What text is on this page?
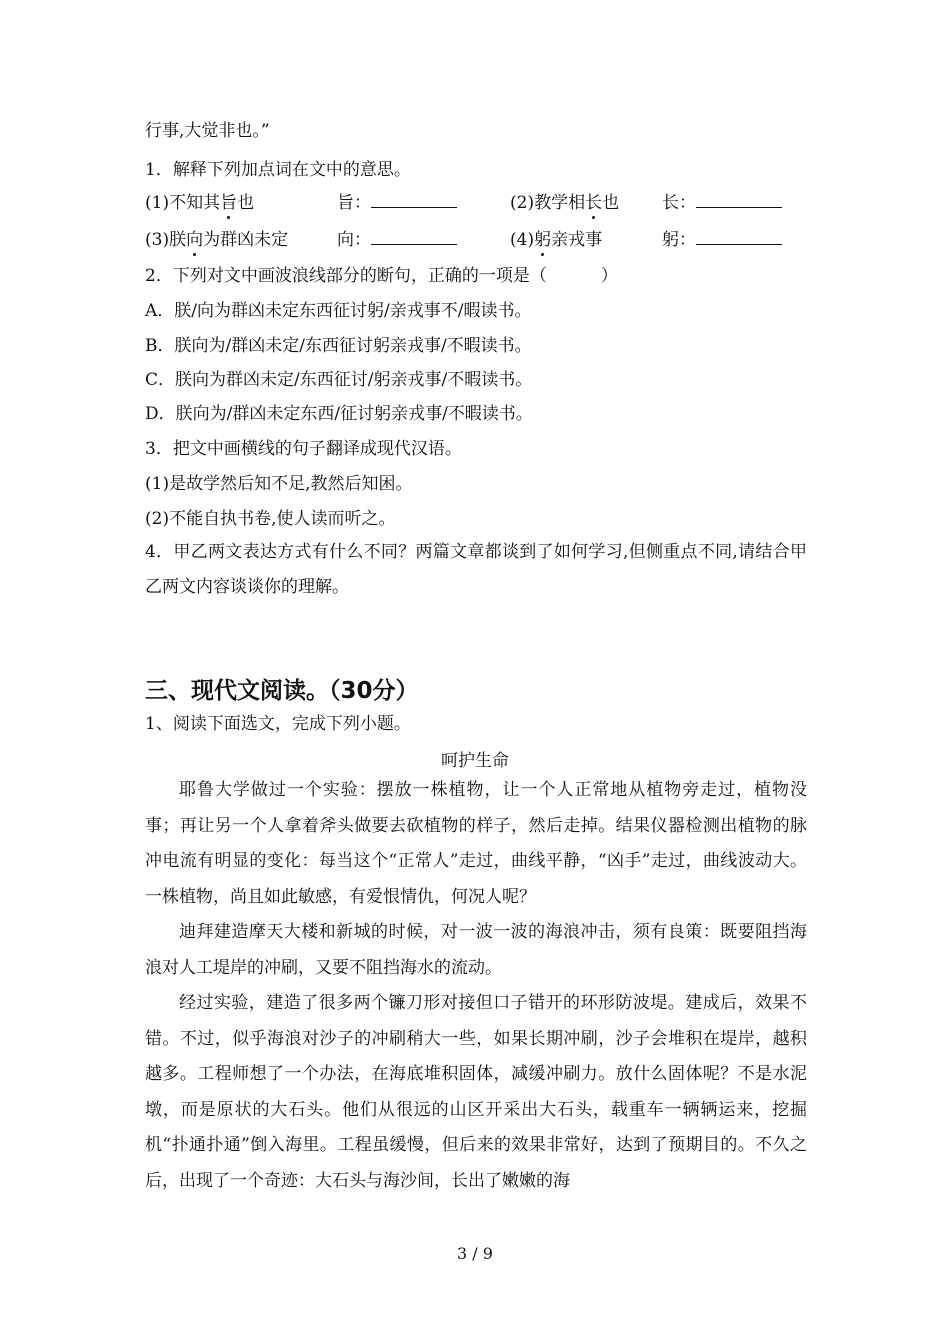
行事,大觉非也。”
1．解释下列加点词在文中的意思。
(1)不知其旨也	旨：	(2)教学相长也	长：
(3)朕向为群凶未定	向：	(4)躬亲戎事	躬：
2．下列对文中画波浪线部分的断句，正确的一项是（	）
A．朕/向为群凶未定东西征讨躬/亲戎事不/暇读书。
B．朕向为/群凶未定/东西征讨躬亲戎事/不暇读书。
C．朕向为群凶未定/东西征讨/躬亲戎事/不暇读书。
D．朕向为/群凶未定东西/征讨躬亲戎事/不暇读书。
3．把文中画横线的句子翻译成现代汉语。
(1)是故学然后知不足,教然后知困。
(2)不能自执书卷,使人读而听之。
4．甲乙两文表达方式有什么不同？两篇文章都谈到了如何学习,但侧重点不同,请结合甲乙两文内容谈谈你的理解。
三、现代文阅读。（30分）
1、阅读下面选文，完成下列小题。
呵护生命
耶鲁大学做过一个实验：摆放一株植物，让一个人正常地从植物旁走过，植物没事；再让另一个人拿着斧头做要去砍植物的样子，然后走掉。结果仪器检测出植物的脉冲电流有明显的变化：每当这个“正常人”走过，曲线平静，“凶手”走过，曲线波动大。一株植物，尚且如此敏感，有爱恨情仇，何况人呢？
迪拜建造摩天大楼和新城的时候，对一波一波的海浪冲击，须有良策：既要阻挡海浪对人工堤岸的冲刷，又要不阻挡海水的流动。
经过实验，建造了很多两个镰刀形对接但口子错开的环形防波堤。建成后，效果不错。不过，似乎海浪对沙子的冲刷稍大一些，如果长期冲刷，沙子会堆积在堤岸，越积越多。工程师想了一个办法，在海底堆积固体，减缓冲刷力。放什么固体呢？不是水泥墩，而是原状的大石头。他们从很远的山区开采出大石头，载重车一辆辆运来，挖掘机“扑通扑通”倒入海里。工程虽缓慢，但后来的效果非常好，达到了预期目的。不久之后，出现了一个奇迹：大石头与海沙间，长出了嫩嫩的海
3 / 9
